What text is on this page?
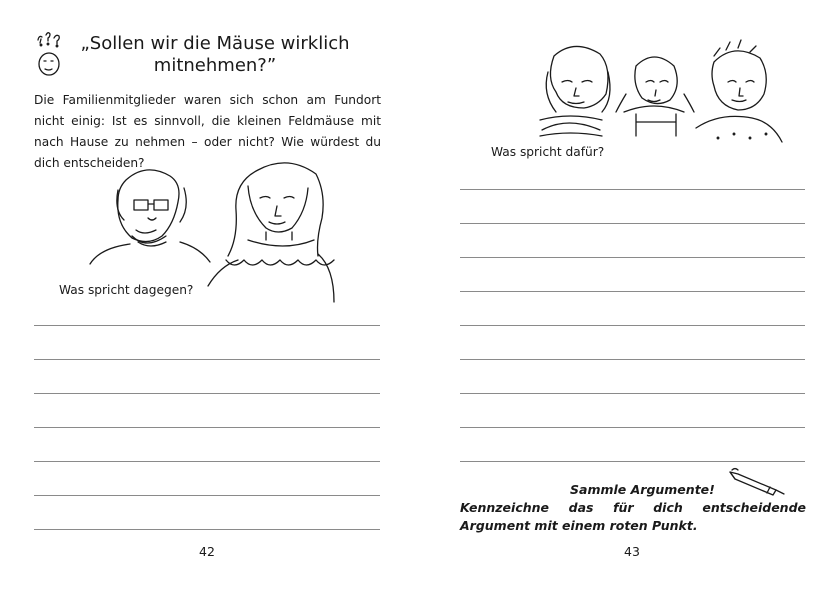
„Sollen wir die Mäuse wirklich mitnehmen?”
Die Familienmitglieder waren sich schon am Fundort nicht einig: Ist es sinnvoll, die kleinen Feldmäuse mit nach Hause zu nehmen – oder nicht? Wie würdest du dich entscheiden?
Was spricht dagegen?
42
Was spricht dafür?
Sammle Argumente!
Kennzeichne das für dich entscheidende Argument mit einem roten Punkt.
43
